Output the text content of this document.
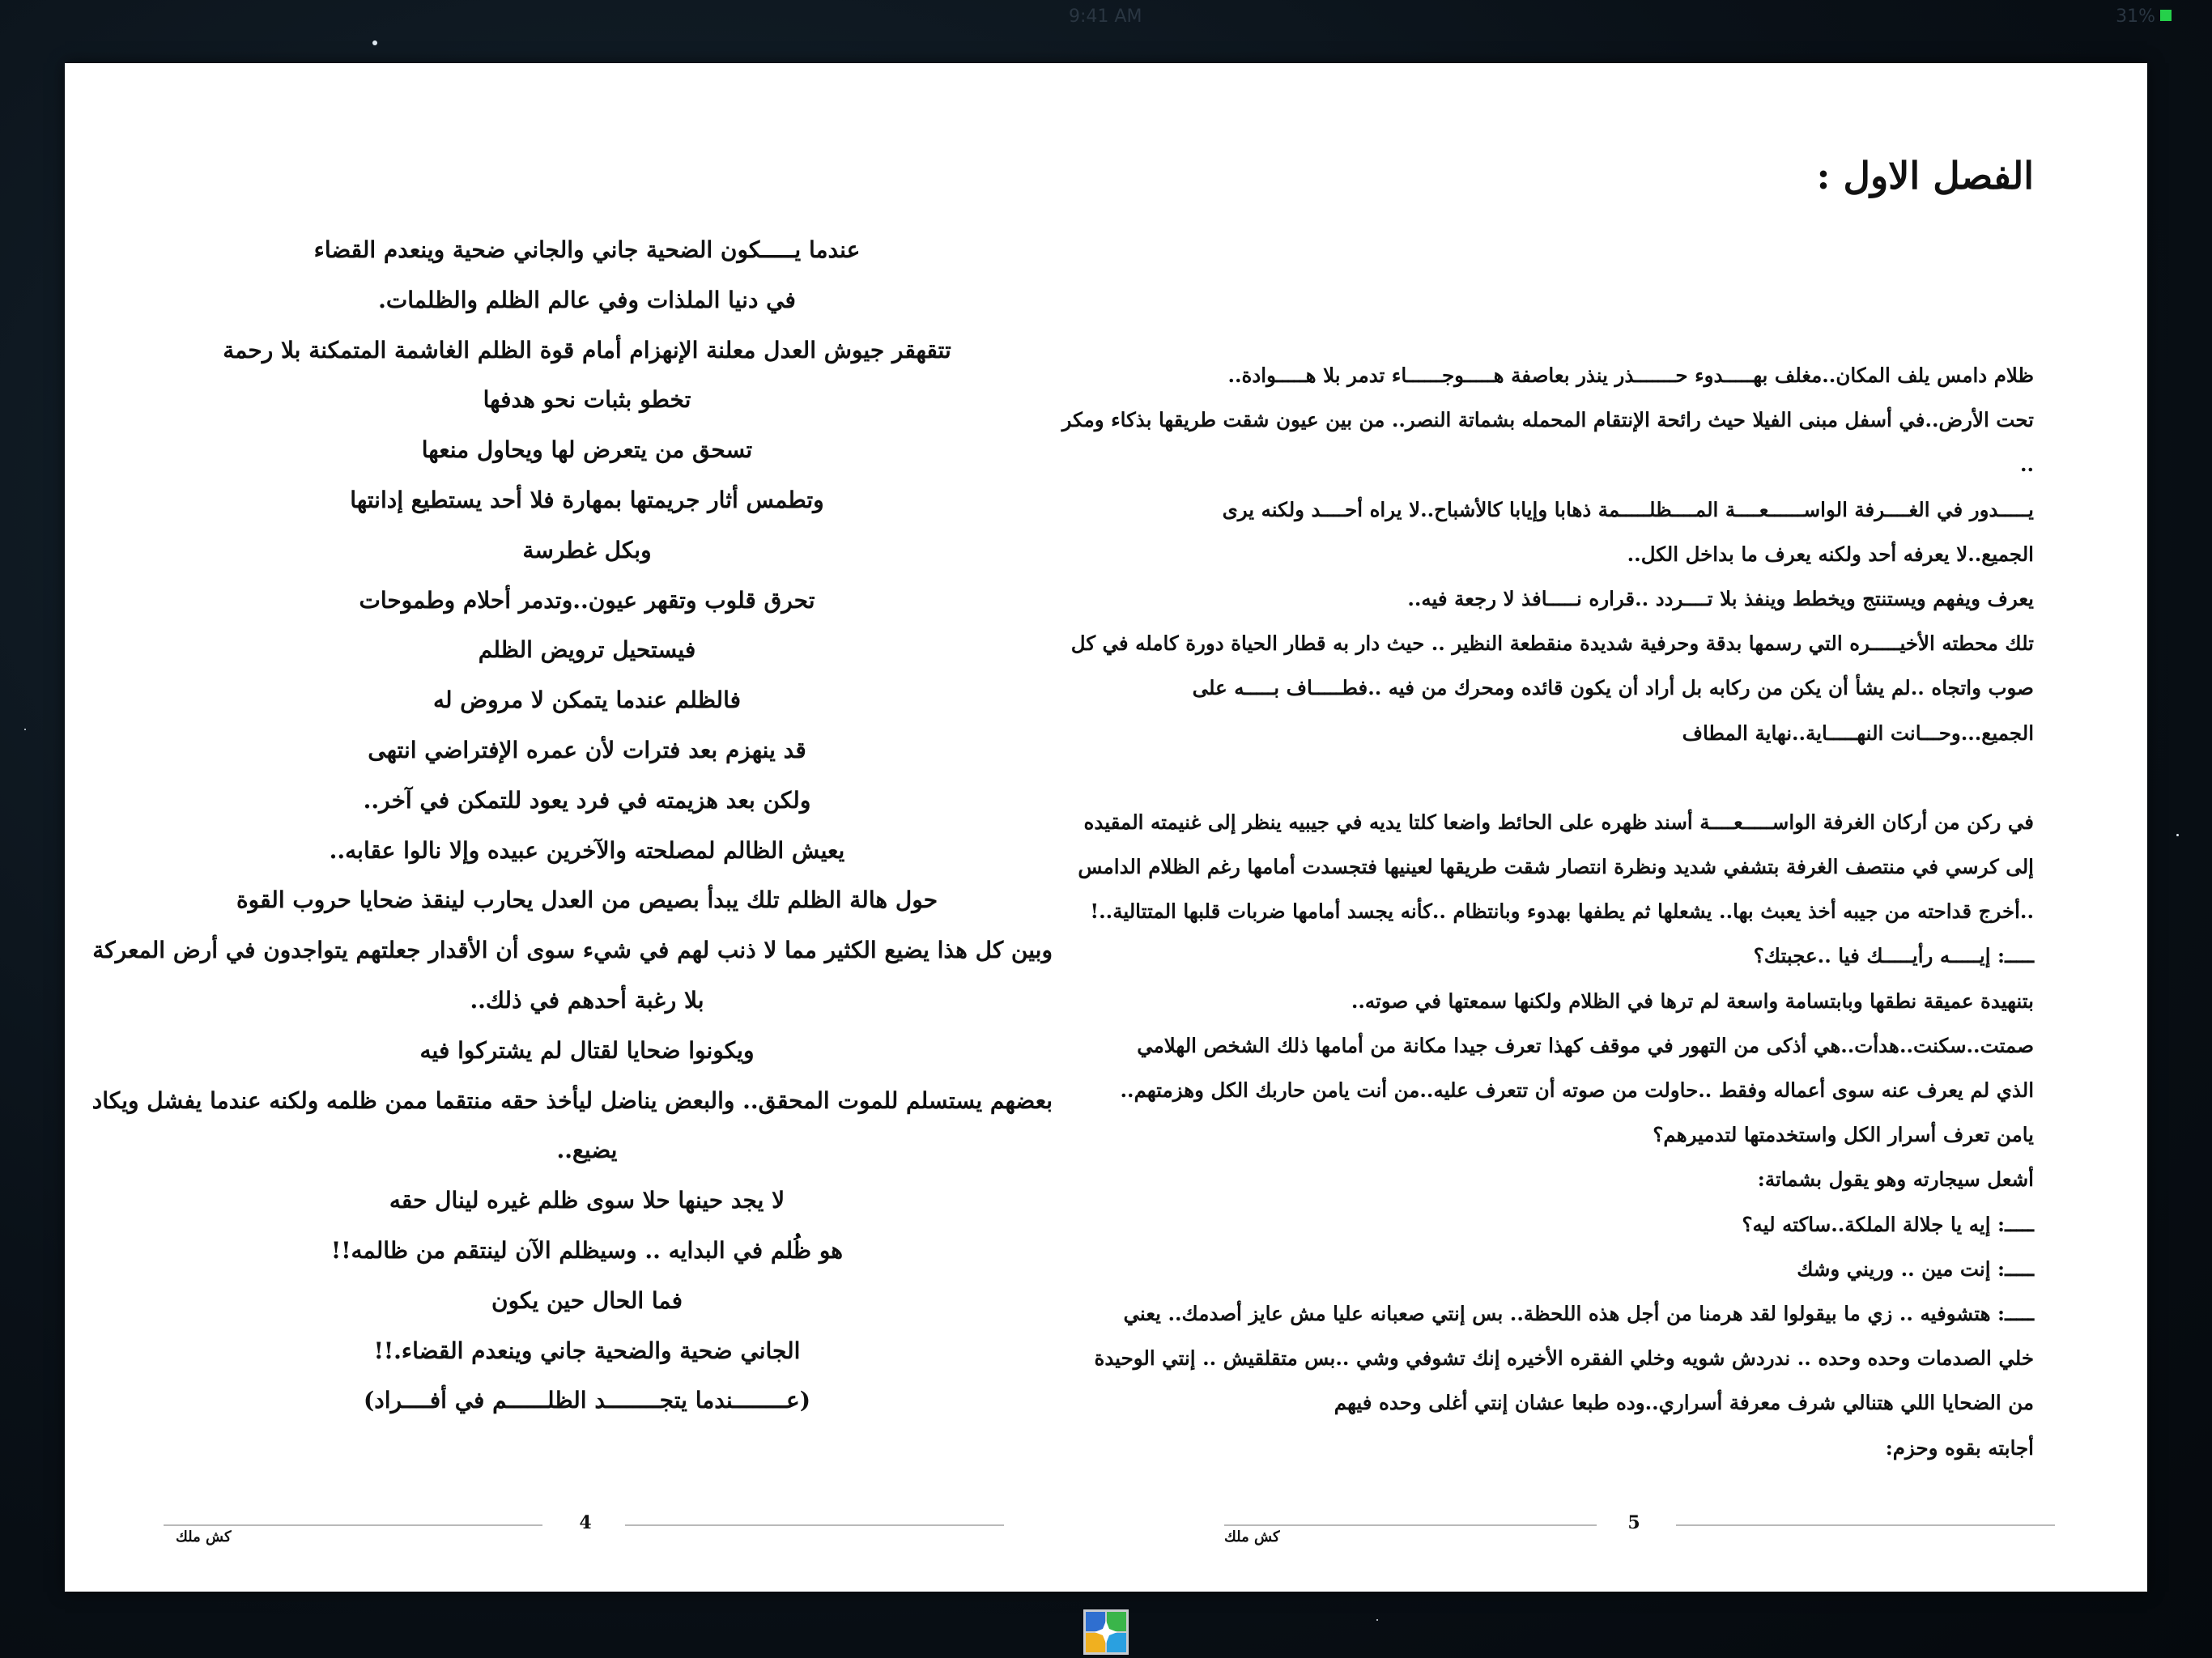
9:41 AM	31%
عندما يـــــكون الضحية جاني والجاني ضحية وينعدم القضاء
في دنيا الملذات وفي عالم الظلم والظلمات.
تتقهقر جيوش العدل معلنة الإنهزام أمام قوة الظلم الغاشمة المتمكنة بلا رحمة
تخطو بثبات نحو هدفها
تسحق من يتعرض لها ويحاول منعها
وتطمس أثار جريمتها بمهارة فلا أحد يستطيع إدانتها
وبكل غطرسة
تحرق قلوب وتقهر عيون..وتدمر أحلام وطموحات
فيستحيل ترويض الظلم
فالظلم عندما يتمكن لا مروض له
قد ينهزم بعد فترات لأن عمره الإفتراضي انتهى
ولكن بعد هزيمته في فرد يعود للتمكن في آخر..
يعيش الظالم لمصلحته والآخرين عبيده وإلا نالوا عقابه..
حول هالة الظلم تلك يبدأ بصيص من العدل يحارب لينقذ ضحايا حروب القوة
وبين كل هذا يضيع الكثير مما لا ذنب لهم في شيء سوى أن الأقدار جعلتهم يتواجدون في أرض المعركة
بلا رغبة أحدهم في ذلك..
ويكونوا ضحايا لقتال لم يشتركوا فيه
بعضهم يستسلم للموت المحقق.. والبعض يناضل ليأخذ حقه منتقما ممن ظلمه ولكنه عندما يفشل ويكاد
يضيع..
لا يجد حينها حلا سوى ظلم غيره لينال حقه
هو ظُلم في البدايه .. وسيظلم الآن لينتقم من ظالمه!!
فما الحال حين يكون
الجاني ضحية والضحية جاني وينعدم القضاء.!!
(عــــــــندما يتجــــــــد الظلــــــم في أفــــراد)
4
كش ملك
الفصل الاول :
ظلام دامس يلف المكان..مغلف بهـــــدوء حـــــــذر ينذر بعاصفة هـــــوجــــــاء تدمر بلا هـــــوادة..
تحت الأرض..في أسفل مبنى الفيلا حيث رائحة الإنتقام المحمله بشماتة النصر.. من بين عيون شقت طريقها بذكاء ومكر
..
يـــــدور في الغــــرفة الواســــــعــــة المــــظلـــــمة ذهابا وإيابا كالأشباح..لا يراه أحــــد ولكنه يرى
الجميع..لا يعرفه أحد ولكنه يعرف ما بداخل الكل..
يعرف ويفهم ويستنتج ويخطط وينفذ بلا تــــردد ..قراره نـــــافذ لا رجعة فيه..
تلك محطته الأخيـــــره التي رسمها بدقة وحرفية شديدة منقطعة النظير .. حيث دار به قطار الحياة دورة كامله في كل
صوب واتجاه ..لم يشأ أن يكن من ركابه بل أراد أن يكون قائده ومحرك من فيه ..فطـــــاف بـــــه على
الجميع...وحـــانت النهـــــاية..نهاية المطاف
في ركن من أركان الغرفة الواســـــعــــة أسند ظهره على الحائط واضعا كلتا يديه في جيبيه ينظر إلى غنيمته المقيده
إلى كرسي في منتصف الغرفة بتشفي شديد ونظرة انتصار شقت طريقها لعينيها فتجسدت أمامها رغم الظلام الدامس
..أخرج قداحته من جيبه أخذ يعبث بها.. يشعلها ثم يطفها بهدوء وبانتظام ..كأنه يجسد أمامها ضربات قلبها المتتالية..!
ـــــ: إيـــــه رأيـــــك فيا ..عجبتك؟
بتنهيدة عميقة نطقها وبابتسامة واسعة لم ترها في الظلام ولكنها سمعتها في صوته..
صمتت..سكنت..هدأت..هي أذكى من التهور في موقف كهذا تعرف جيدا مكانة من أمامها ذلك الشخص الهلامي
الذي لم يعرف عنه سوى أعماله وفقط ..حاولت من صوته أن تتعرف عليه..من أنت يامن حاربك الكل وهزمتهم..
يامن تعرف أسرار الكل واستخدمتها لتدميرهم؟
أشعل سيجارته وهو يقول بشماتة:
ـــــ: إيه يا جلالة الملكة..ساكته ليه؟
ـــــ: إنت مين .. وريني وشك
ـــــ: هتشوفيه .. زي ما بيقولوا لقد هرمنا من أجل هذه اللحظة.. بس إنتي صعبانه عليا مش عايز أصدمك.. يعني
خلي الصدمات وحده وحده .. ندردش شويه وخلي الفقره الأخيره إنك تشوفي وشي ..بس متقلقيش .. إنتي الوحيدة
من الضحايا اللي هتنالي شرف معرفة أسراري..وده طبعا عشان إنتي أغلى وحده فيهم
أجابته بقوه وحزم:
5
كش ملك
